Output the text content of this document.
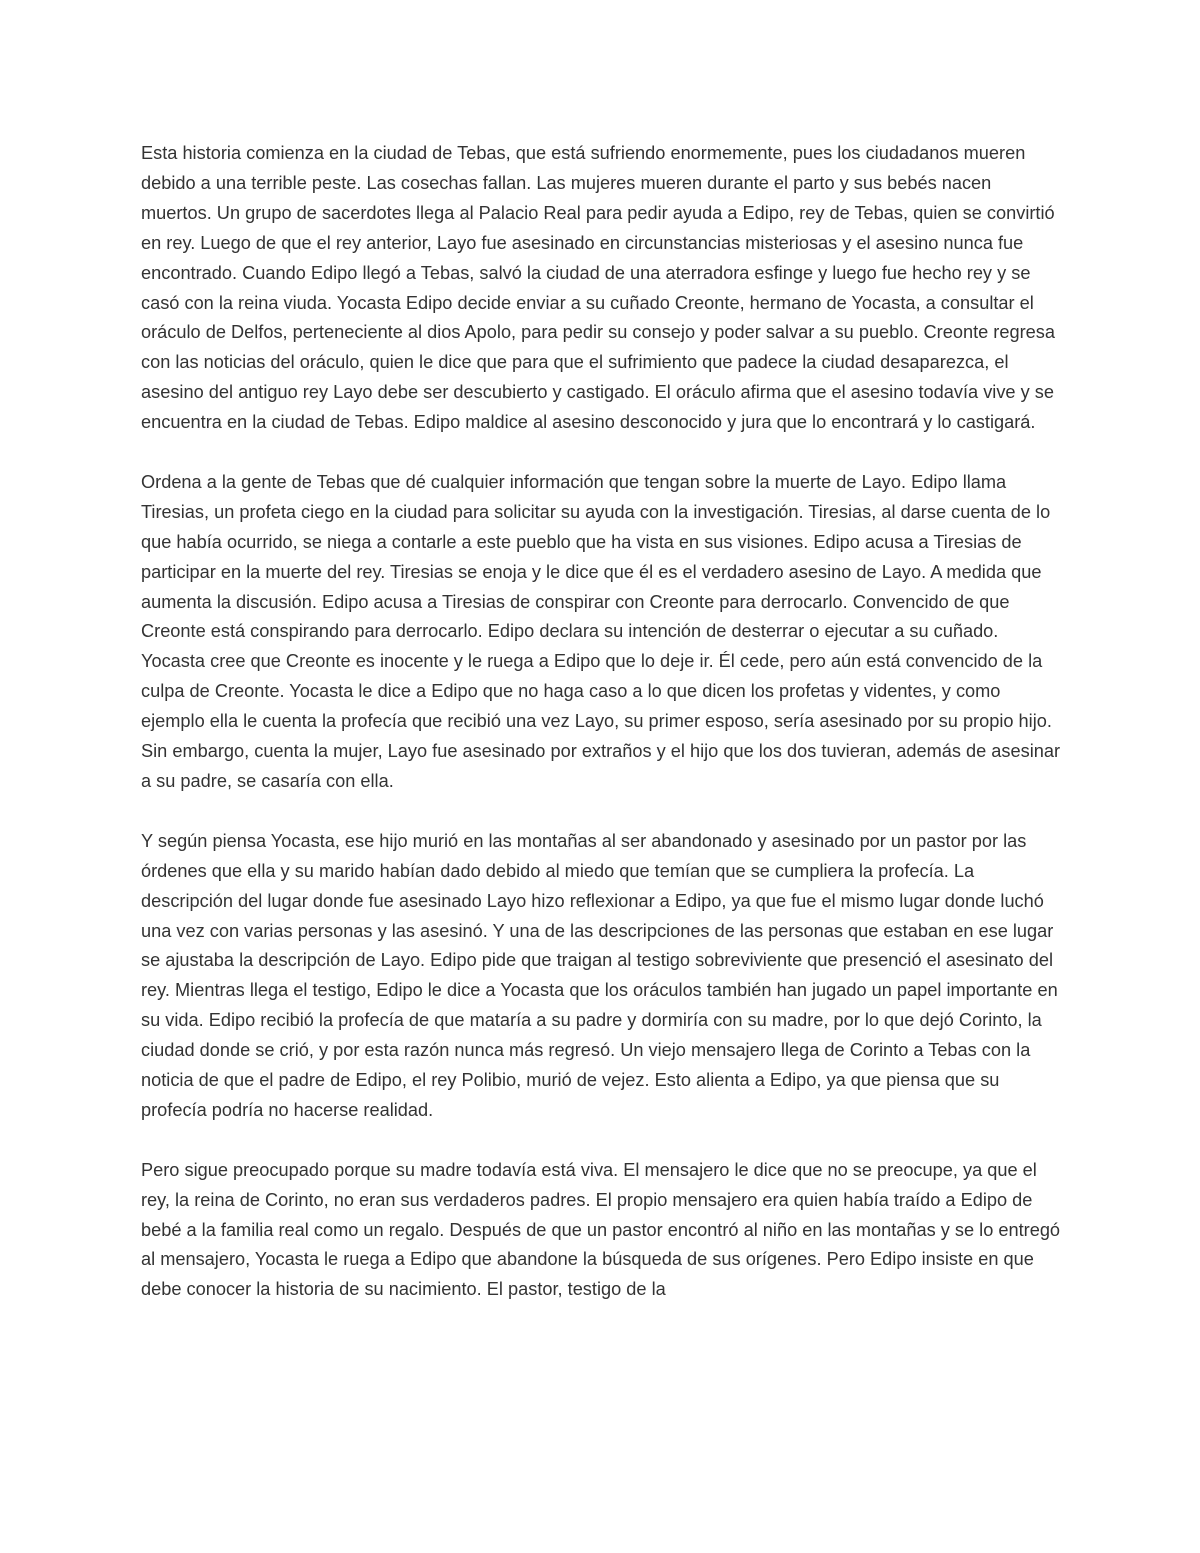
Esta historia comienza en la ciudad de Tebas, que está sufriendo enormemente, pues los ciudadanos mueren debido a una terrible peste. Las cosechas fallan. Las mujeres mueren durante el parto y sus bebés nacen muertos. Un grupo de sacerdotes llega al Palacio Real para pedir ayuda a Edipo, rey de Tebas, quien se convirtió en rey. Luego de que el rey anterior, Layo fue asesinado en circunstancias misteriosas y el asesino nunca fue encontrado. Cuando Edipo llegó a Tebas, salvó la ciudad de una aterradora esfinge y luego fue hecho rey y se casó con la reina viuda. Yocasta Edipo decide enviar a su cuñado Creonte, hermano de Yocasta, a consultar el oráculo de Delfos, perteneciente al dios Apolo, para pedir su consejo y poder salvar a su pueblo. Creonte regresa con las noticias del oráculo, quien le dice que para que el sufrimiento que padece la ciudad desaparezca, el asesino del antiguo rey Layo debe ser descubierto y castigado. El oráculo afirma que el asesino todavía vive y se encuentra en la ciudad de Tebas. Edipo maldice al asesino desconocido y jura que lo encontrará y lo castigará.

Ordena a la gente de Tebas que dé cualquier información que tengan sobre la muerte de Layo. Edipo llama Tiresias, un profeta ciego en la ciudad para solicitar su ayuda con la investigación. Tiresias, al darse cuenta de lo que había ocurrido, se niega a contarle a este pueblo que ha vista en sus visiones. Edipo acusa a Tiresias de participar en la muerte del rey. Tiresias se enoja y le dice que él es el verdadero asesino de Layo. A medida que aumenta la discusión. Edipo acusa a Tiresias de conspirar con Creonte para derrocarlo. Convencido de que Creonte está conspirando para derrocarlo. Edipo declara su intención de desterrar o ejecutar a su cuñado. Yocasta cree que Creonte es inocente y le ruega a Edipo que lo deje ir. Él cede, pero aún está convencido de la culpa de Creonte. Yocasta le dice a Edipo que no haga caso a lo que dicen los profetas y videntes, y como ejemplo ella le cuenta la profecía que recibió una vez Layo, su primer esposo, sería asesinado por su propio hijo. Sin embargo, cuenta la mujer, Layo fue asesinado por extraños y el hijo que los dos tuvieran, además de asesinar a su padre, se casaría con ella.

Y según piensa Yocasta, ese hijo murió en las montañas al ser abandonado y asesinado por un pastor por las órdenes que ella y su marido habían dado debido al miedo que temían que se cumpliera la profecía. La descripción del lugar donde fue asesinado Layo hizo reflexionar a Edipo, ya que fue el mismo lugar donde luchó una vez con varias personas y las asesinó. Y una de las descripciones de las personas que estaban en ese lugar se ajustaba la descripción de Layo. Edipo pide que traigan al testigo sobreviviente que presenció el asesinato del rey. Mientras llega el testigo, Edipo le dice a Yocasta que los oráculos también han jugado un papel importante en su vida. Edipo recibió la profecía de que mataría a su padre y dormiría con su madre, por lo que dejó Corinto, la ciudad donde se crió, y por esta razón nunca más regresó. Un viejo mensajero llega de Corinto a Tebas con la noticia de que el padre de Edipo, el rey Polibio, murió de vejez. Esto alienta a Edipo, ya que piensa que su profecía podría no hacerse realidad.

Pero sigue preocupado porque su madre todavía está viva. El mensajero le dice que no se preocupe, ya que el rey, la reina de Corinto, no eran sus verdaderos padres. El propio mensajero era quien había traído a Edipo de bebé a la familia real como un regalo. Después de que un pastor encontró al niño en las montañas y se lo entregó al mensajero, Yocasta le ruega a Edipo que abandone la búsqueda de sus orígenes. Pero Edipo insiste en que debe conocer la historia de su nacimiento. El pastor, testigo de la
